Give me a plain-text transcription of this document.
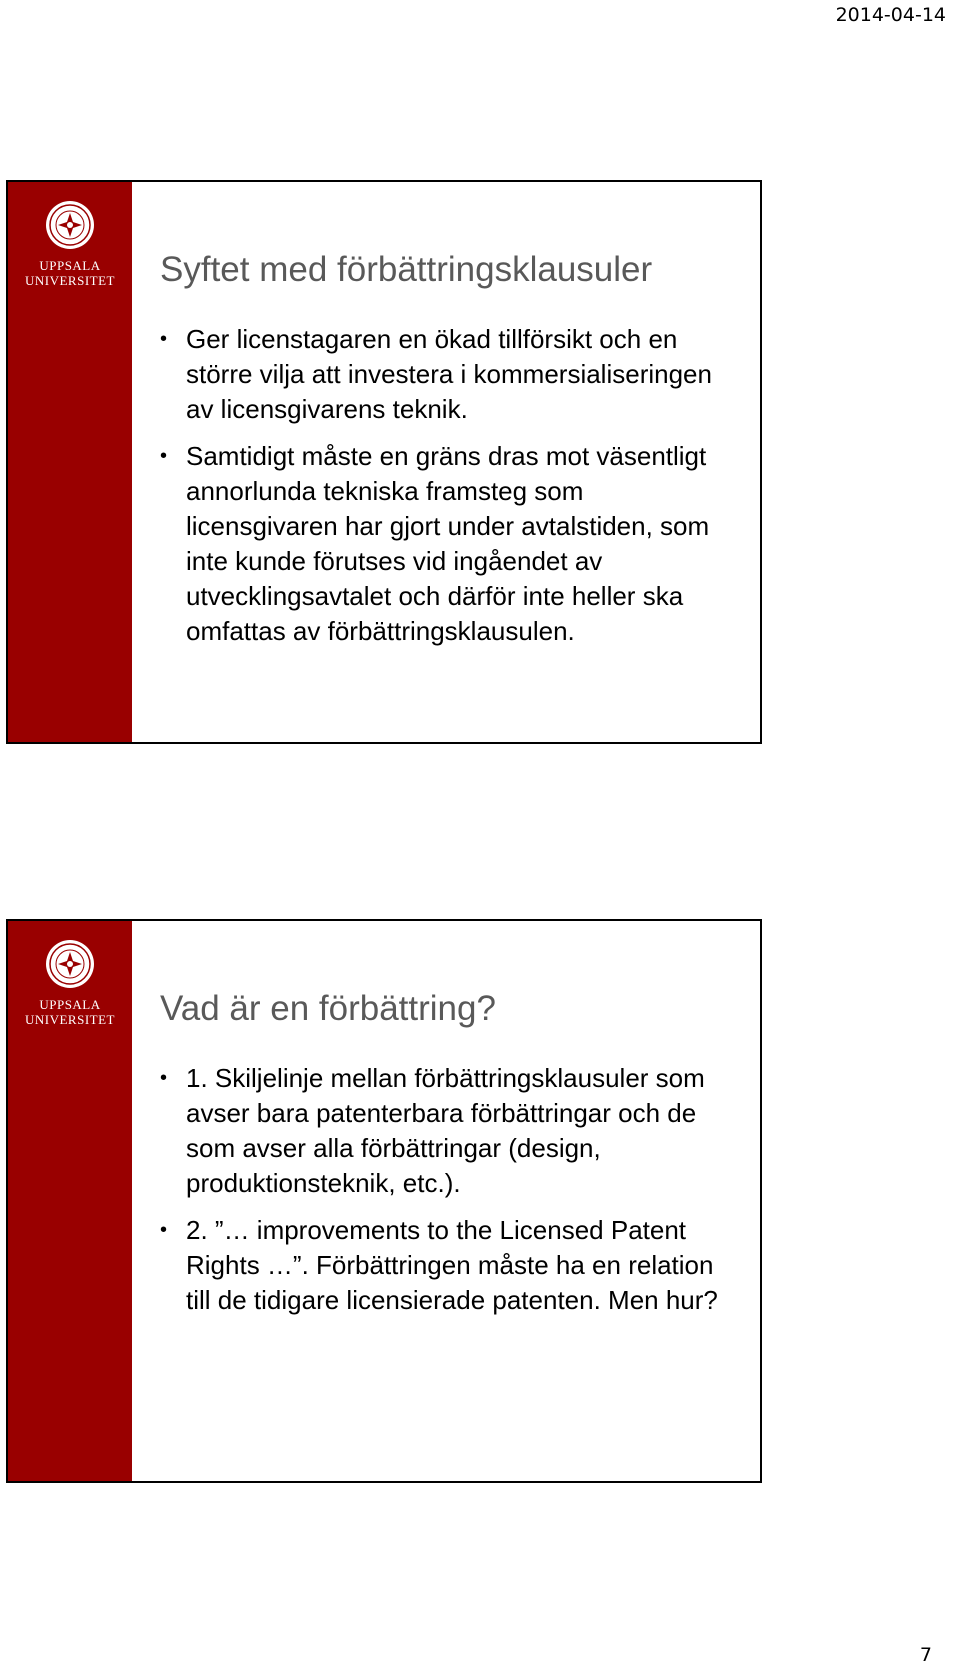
2014-04-14
UPPSALA
UNIVERSITET	Syftet med förbättringsklausuler
• Ger licenstagaren en ökad tillförsikt och en större vilja att investera i kommersialiseringen av licensgivarens teknik.
• Samtidigt måste en gräns dras mot väsentligt annorlunda tekniska framsteg som licensgivaren har gjort under avtalstiden, som inte kunde förutses vid ingåendet av utvecklingsavtalet och därför inte heller ska omfattas av förbättringsklausulen.
UPPSALA
UNIVERSITET	Vad är en förbättring?
• 1. Skiljelinje mellan förbättringsklausuler som avser bara patenterbara förbättringar och de som avser alla förbättringar (design, produktionsteknik, etc.).
• 2. ”… improvements to the Licensed Patent Rights …”. Förbättringen måste ha en relation till de tidigare licensierade patenten. Men hur?
7
